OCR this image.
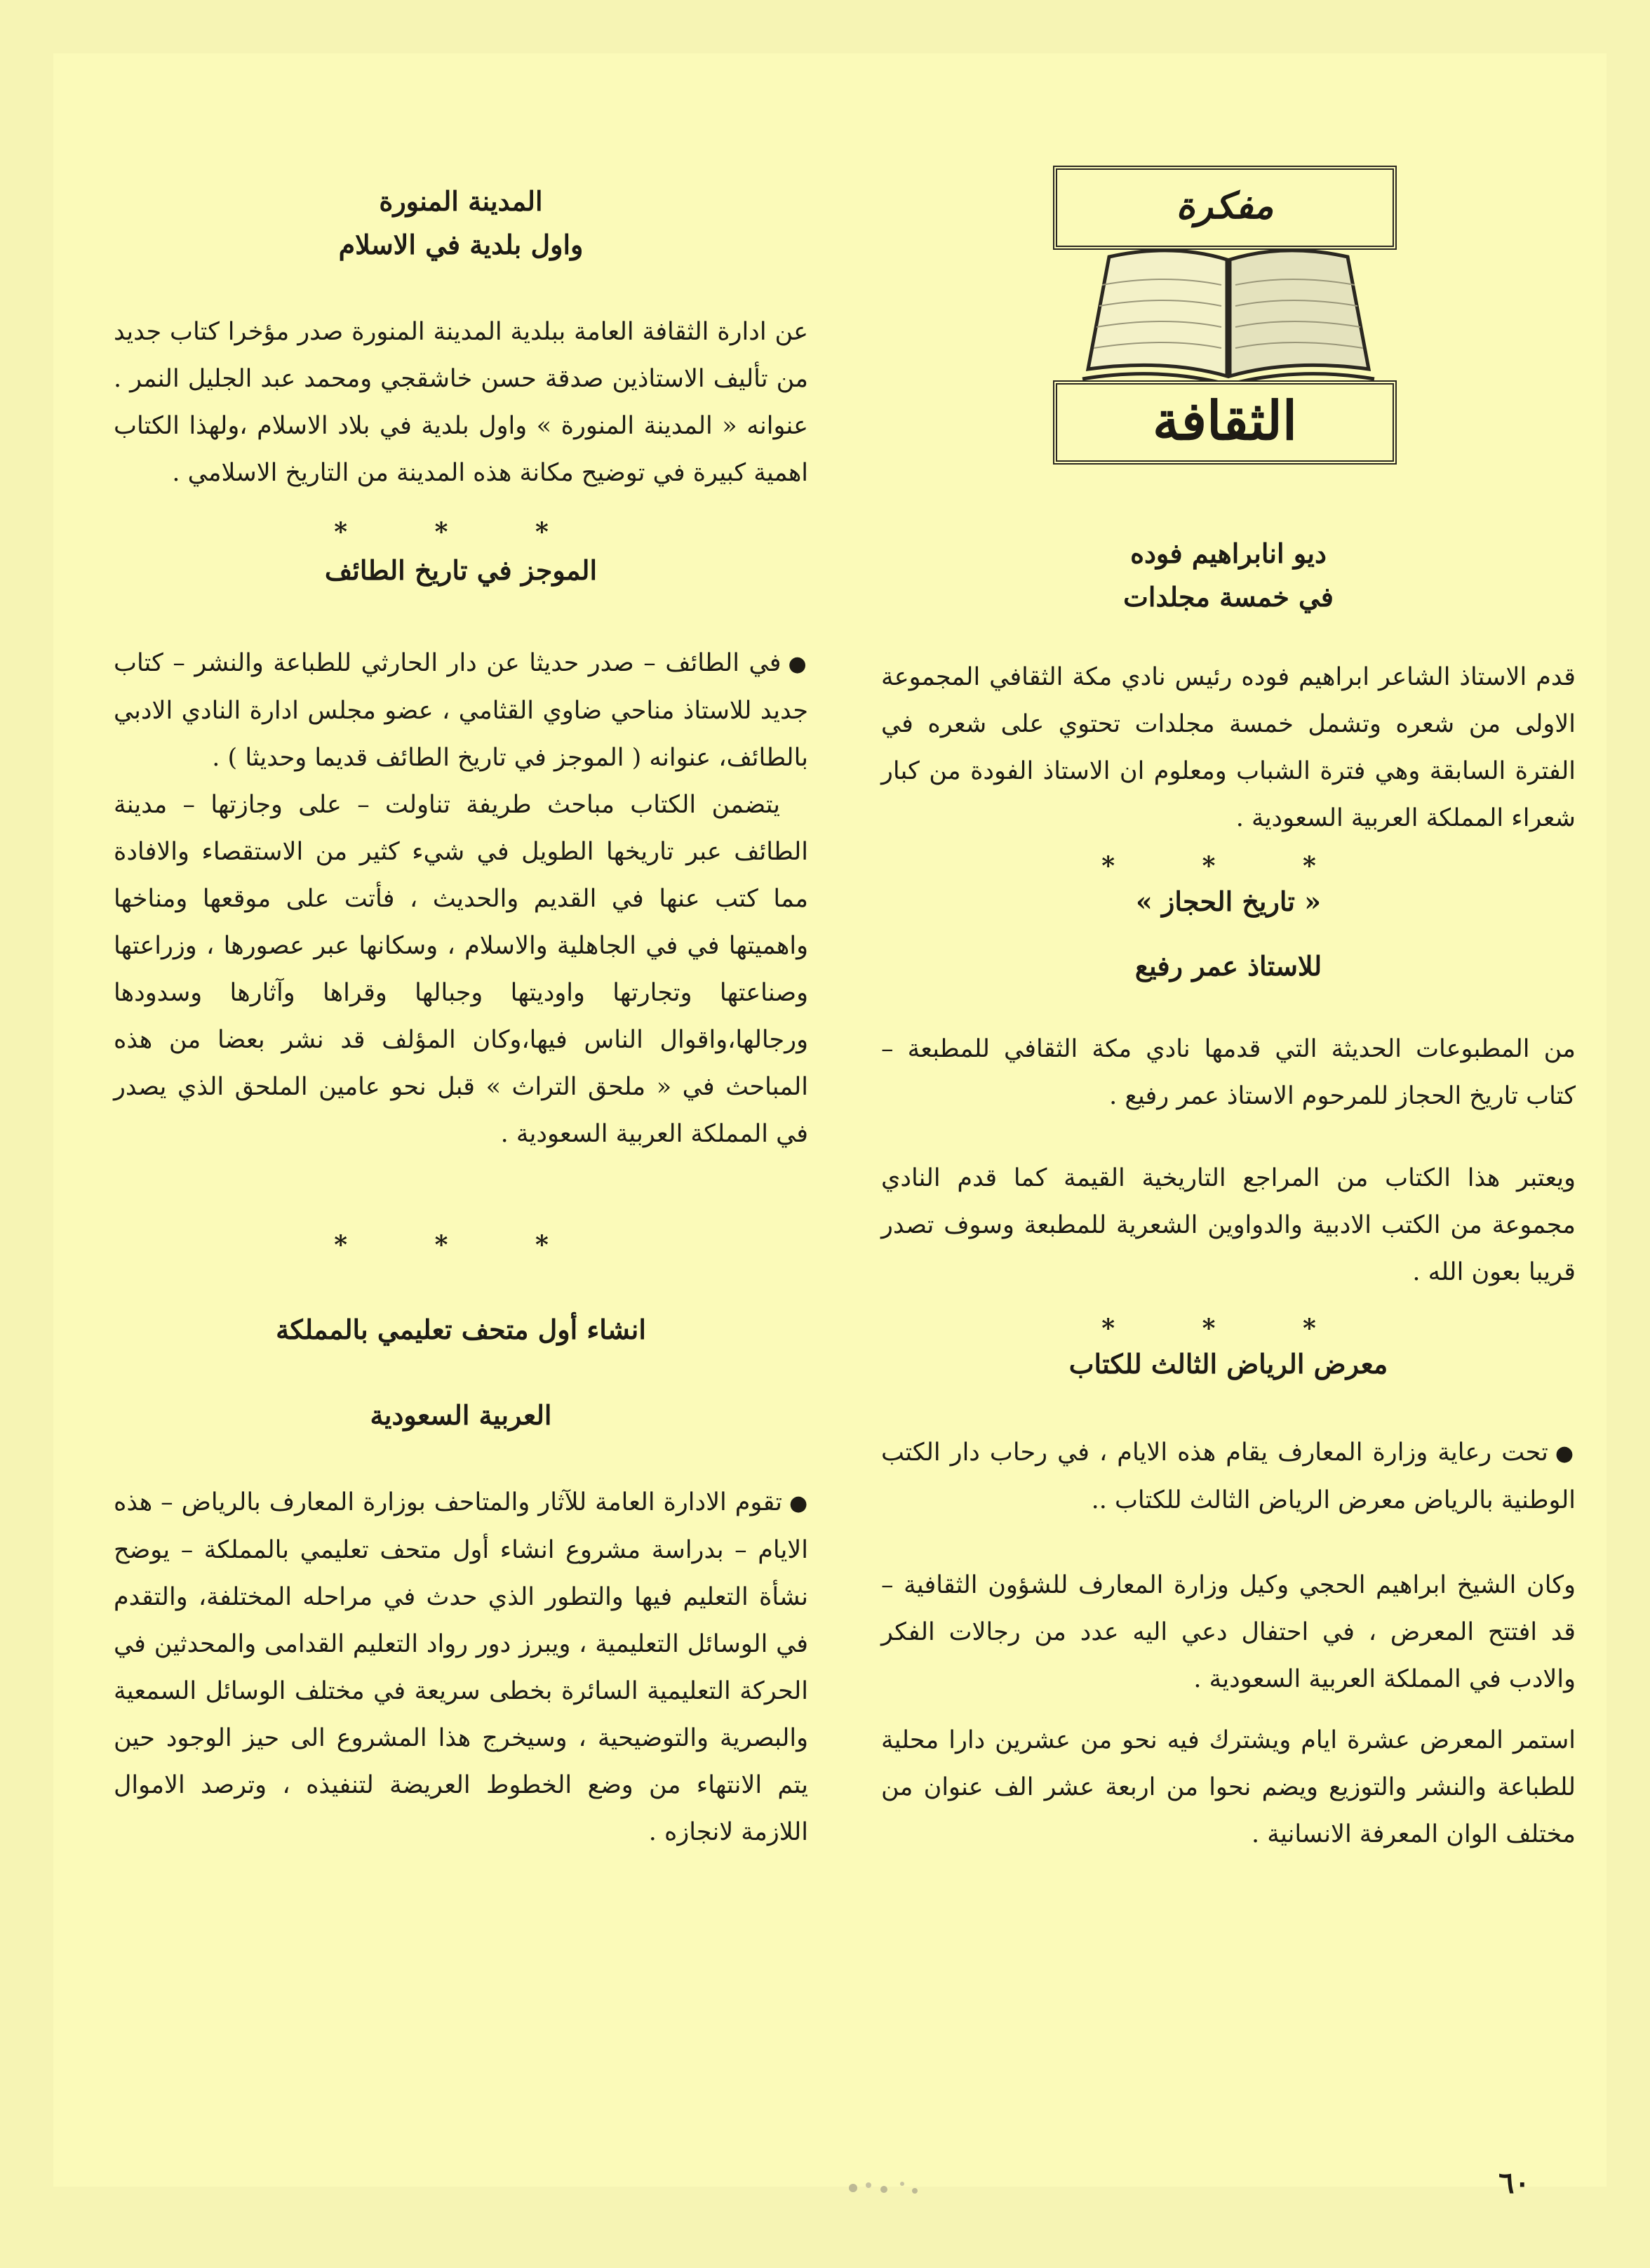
المدينة المنورة

واول بلدية في الاسلام

عن ادارة الثقافة العامة ببلدية المدينة المنورة صدر مؤخرا كتاب جديد من تأليف الاستاذين صدقة حسن خاشقجي ومحمد عبد الجليل النمر . عنوانه « المدينة المنورة » واول بلدية في بلاد الاسلام ،ولهذا الكتاب اهمية كبيرة في توضيح مكانة هذه المدينة من التاريخ الاسلامي .

* * *

الموجز في تاريخ الطائف

● في الطائف – صدر حديثا عن دار الحارثي للطباعة والنشر – كتاب جديد للاستاذ مناحي ضاوي القثامي ، عضو مجلس ادارة النادي الادبي بالطائف، عنوانه ( الموجز في تاريخ الطائف قديما وحديثا ) .

يتضمن الكتاب مباحث طريفة تناولت – على وجازتها – مدينة الطائف عبر تاريخها الطويل في شيء كثير من الاستقصاء والافادة مما كتب عنها في القديم والحديث ، فأتت على موقعها ومناخها واهميتها في في الجاهلية والاسلام ، وسكانها عبر عصورها ، وزراعتها وصناعتها وتجارتها واوديتها وجبالها وقراها وآثارها وسدودها ورجالها،واقوال الناس فيها،وكان المؤلف قد نشر بعضا من هذه المباحث في « ملحق التراث » قبل نحو عامين الملحق الذي يصدر في المملكة العربية السعودية .

* * *

انشاء أول متحف تعليمي بالمملكة

العربية السعودية

● تقوم الادارة العامة للآثار والمتاحف بوزارة المعارف بالرياض – هذه الايام – بدراسة مشروع انشاء أول متحف تعليمي بالمملكة – يوضح نشأة التعليم فيها والتطور الذي حدث في مراحله المختلفة، والتقدم في الوسائل التعليمية ، ويبرز دور رواد التعليم القدامى والمحدثين في الحركة التعليمية السائرة بخطى سريعة في مختلف الوسائل السمعية والبصرية والتوضيحية ، وسيخرج هذا المشروع الى حيز الوجود حين يتم الانتهاء من وضع الخطوط العريضة لتنفيذه ، وترصد الاموال اللازمة لانجازه .

مفكرة
الثقافة

ديو انابراهيم فوده

في خمسة مجلدات

قدم الاستاذ الشاعر ابراهيم فوده رئيس نادي مكة الثقافي المجموعة الاولى من شعره وتشمل خمسة مجلدات تحتوي على شعره في الفترة السابقة وهي فترة الشباب ومعلوم ان الاستاذ الفودة من كبار شعراء المملكة العربية السعودية .

* * *

« تاريخ الحجاز »

للاستاذ عمر رفيع

من المطبوعات الحديثة التي قدمها نادي مكة الثقافي للمطبعة – كتاب تاريخ الحجاز للمرحوم الاستاذ عمر رفيع .

ويعتبر هذا الكتاب من المراجع التاريخية القيمة كما قدم النادي مجموعة من الكتب الادبية والدواوين الشعرية للمطبعة وسوف تصدر قريبا بعون الله .

* * *

معرض الرياض الثالث للكتاب

● تحت رعاية وزارة المعارف يقام هذه الايام ، في رحاب دار الكتب الوطنية بالرياض معرض الرياض الثالث للكتاب ..

وكان الشيخ ابراهيم الحجي وكيل وزارة المعارف للشؤون الثقافية – قد افتتح المعرض ، في احتفال دعي اليه عدد من رجالات الفكر والادب في المملكة العربية السعودية .

استمر المعرض عشرة ايام ويشترك فيه نحو من عشرين دارا محلية للطباعة والنشر والتوزيع ويضم نحوا من اربعة عشر الف عنوان من مختلف الوان المعرفة الانسانية .

٦٠
